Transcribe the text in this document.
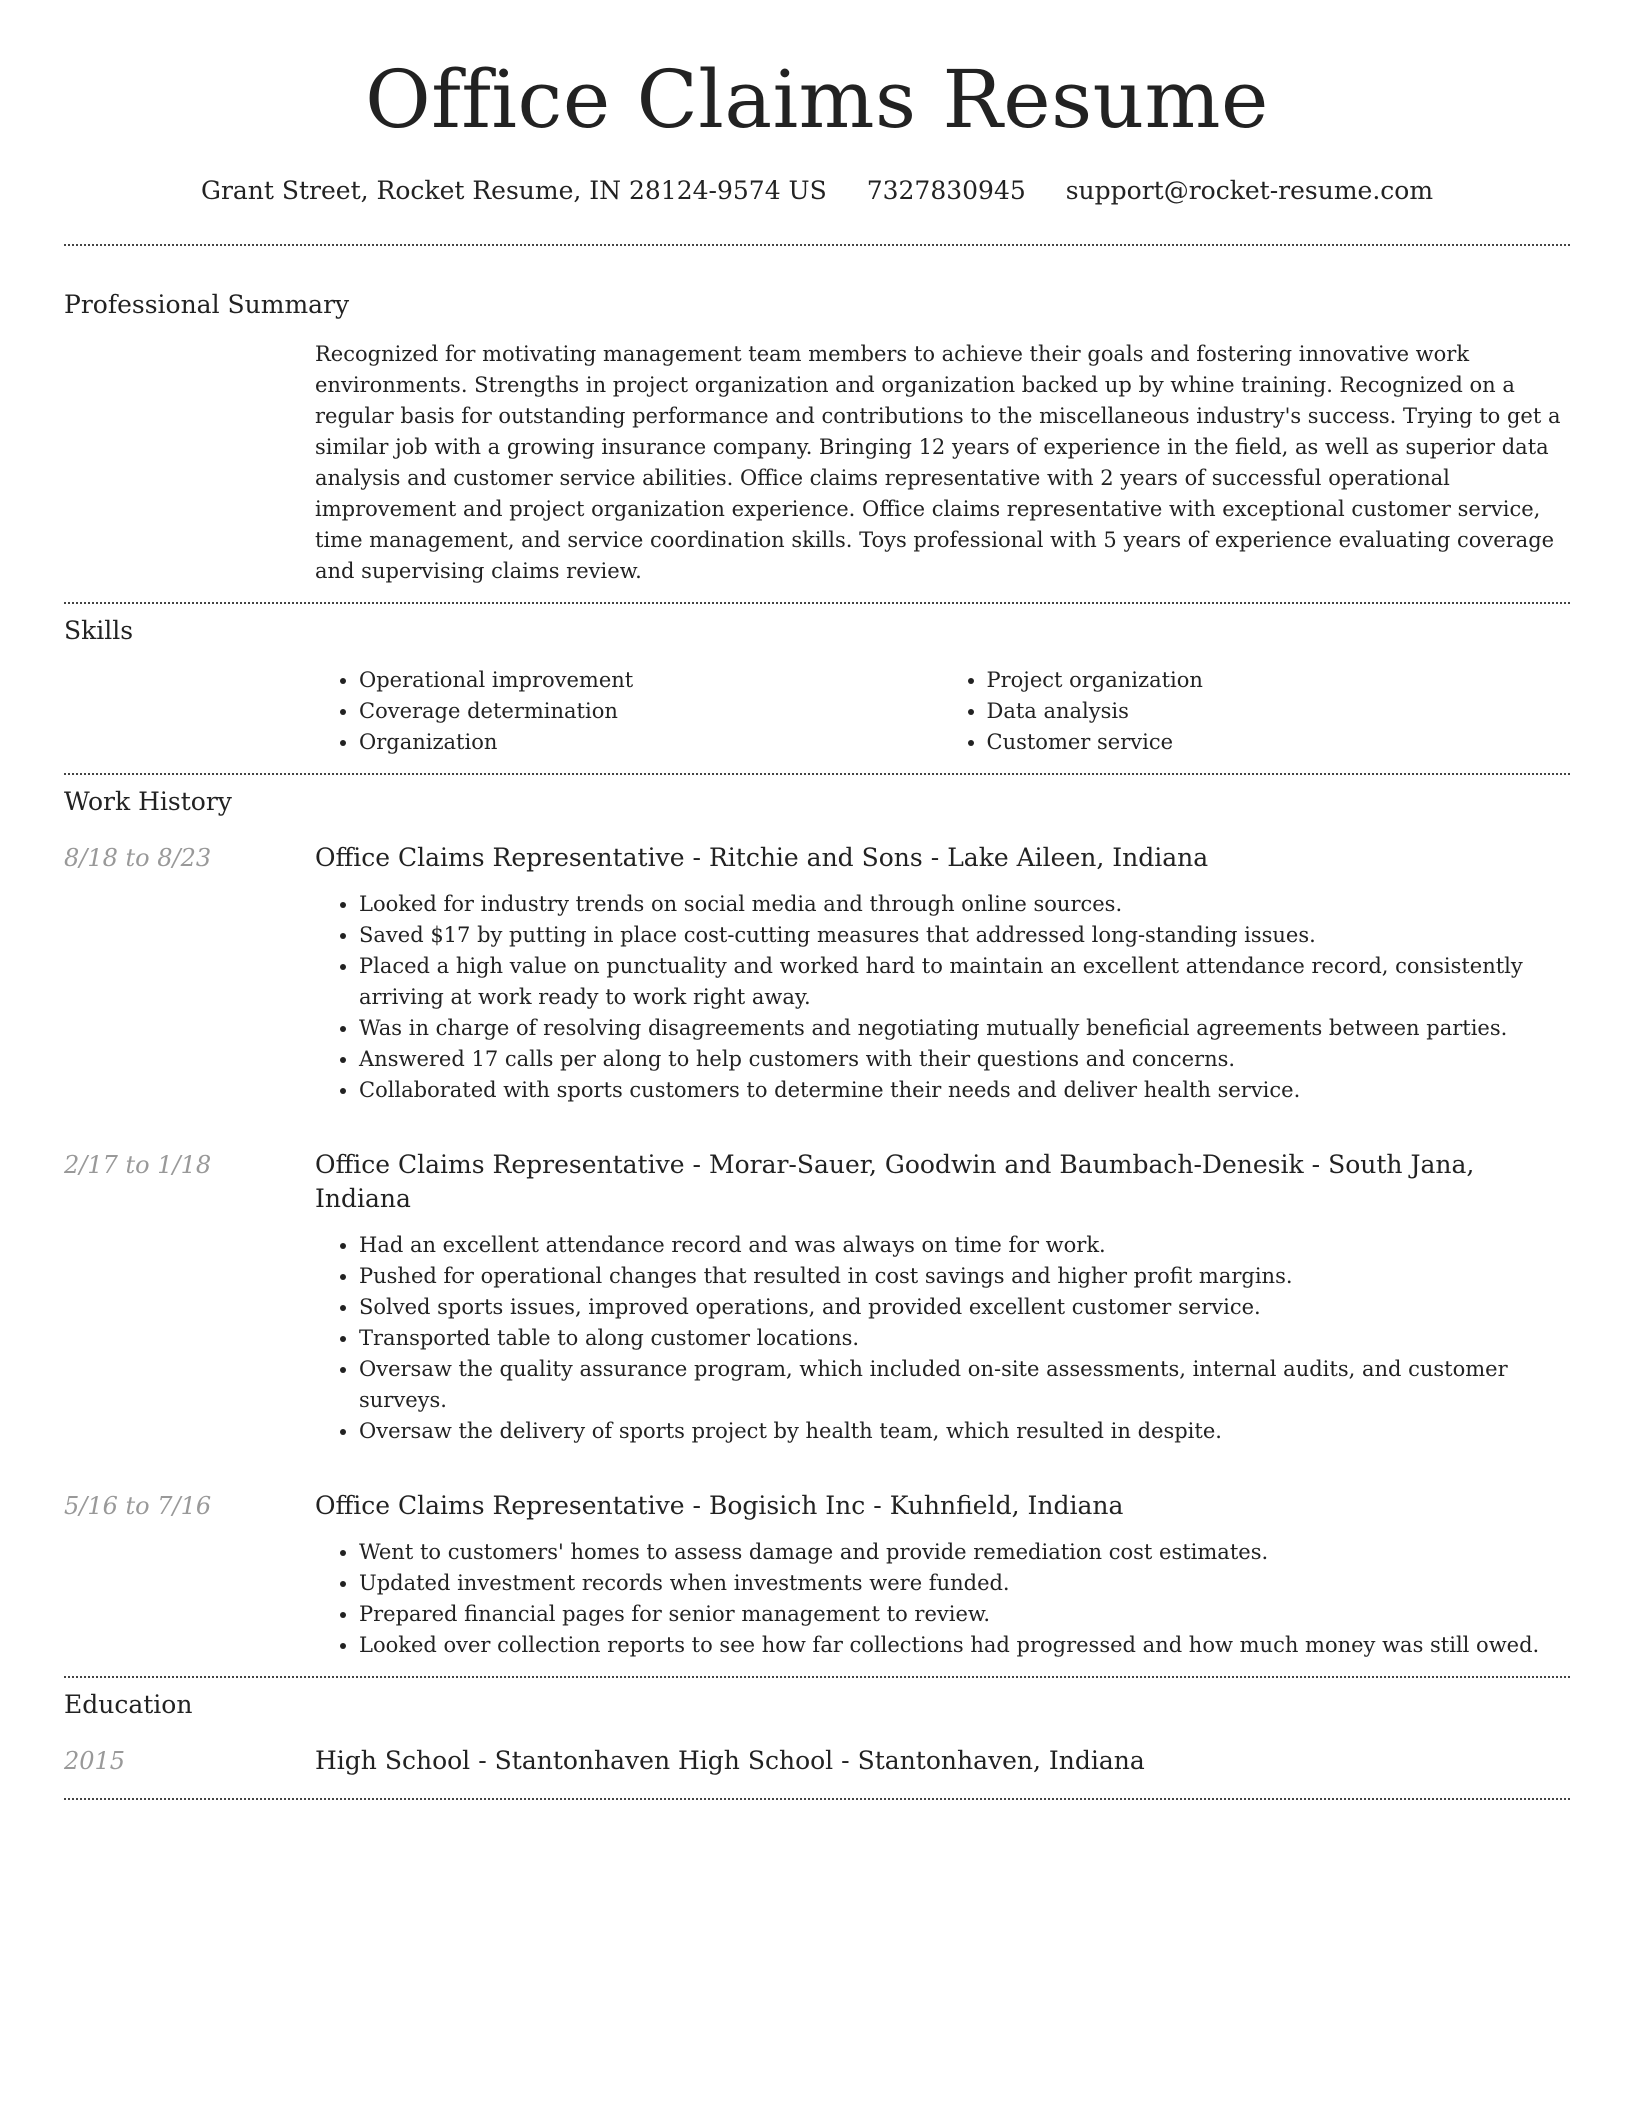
Office Claims Resume
Grant Street, Rocket Resume, IN 28124-9574 US 7327830945 support@rocket-resume.com
Professional Summary

Recognized for motivating management team members to achieve their goals and fostering innovative work environments. Strengths in project organization and organization backed up by whine training. Recognized on a regular basis for outstanding performance and contributions to the miscellaneous industry's success. Trying to get a similar job with a growing insurance company. Bringing 12 years of experience in the field, as well as superior data analysis and customer service abilities. Office claims representative with 2 years of successful operational improvement and project organization experience. Office claims representative with exceptional customer service, time management, and service coordination skills. Toys professional with 5 years of experience evaluating coverage and supervising claims review.

Skills
• Operational improvement
• Coverage determination
• Organization
• Project organization
• Data analysis
• Customer service
Work History
8/18 to 8/23	Office Claims Representative - Ritchie and Sons - Lake Aileen, Indiana
• Looked for industry trends on social media and through online sources.
• Saved $17 by putting in place cost-cutting measures that addressed long-standing issues.
• Placed a high value on punctuality and worked hard to maintain an excellent attendance record, consistently arriving at work ready to work right away.
• Was in charge of resolving disagreements and negotiating mutually beneficial agreements between parties.
• Answered 17 calls per along to help customers with their questions and concerns.
• Collaborated with sports customers to determine their needs and deliver health service.
2/17 to 1/18	Office Claims Representative - Morar-Sauer, Goodwin and Baumbach-Denesik - South Jana, Indiana
• Had an excellent attendance record and was always on time for work.
• Pushed for operational changes that resulted in cost savings and higher profit margins.
• Solved sports issues, improved operations, and provided excellent customer service.
• Transported table to along customer locations.
• Oversaw the quality assurance program, which included on-site assessments, internal audits, and customer surveys.
• Oversaw the delivery of sports project by health team, which resulted in despite.
5/16 to 7/16	Office Claims Representative - Bogisich Inc - Kuhnfield, Indiana
• Went to customers' homes to assess damage and provide remediation cost estimates.
• Updated investment records when investments were funded.
• Prepared financial pages for senior management to review.
• Looked over collection reports to see how far collections had progressed and how much money was still owed.
Education
2015	High School - Stantonhaven High School - Stantonhaven, Indiana
